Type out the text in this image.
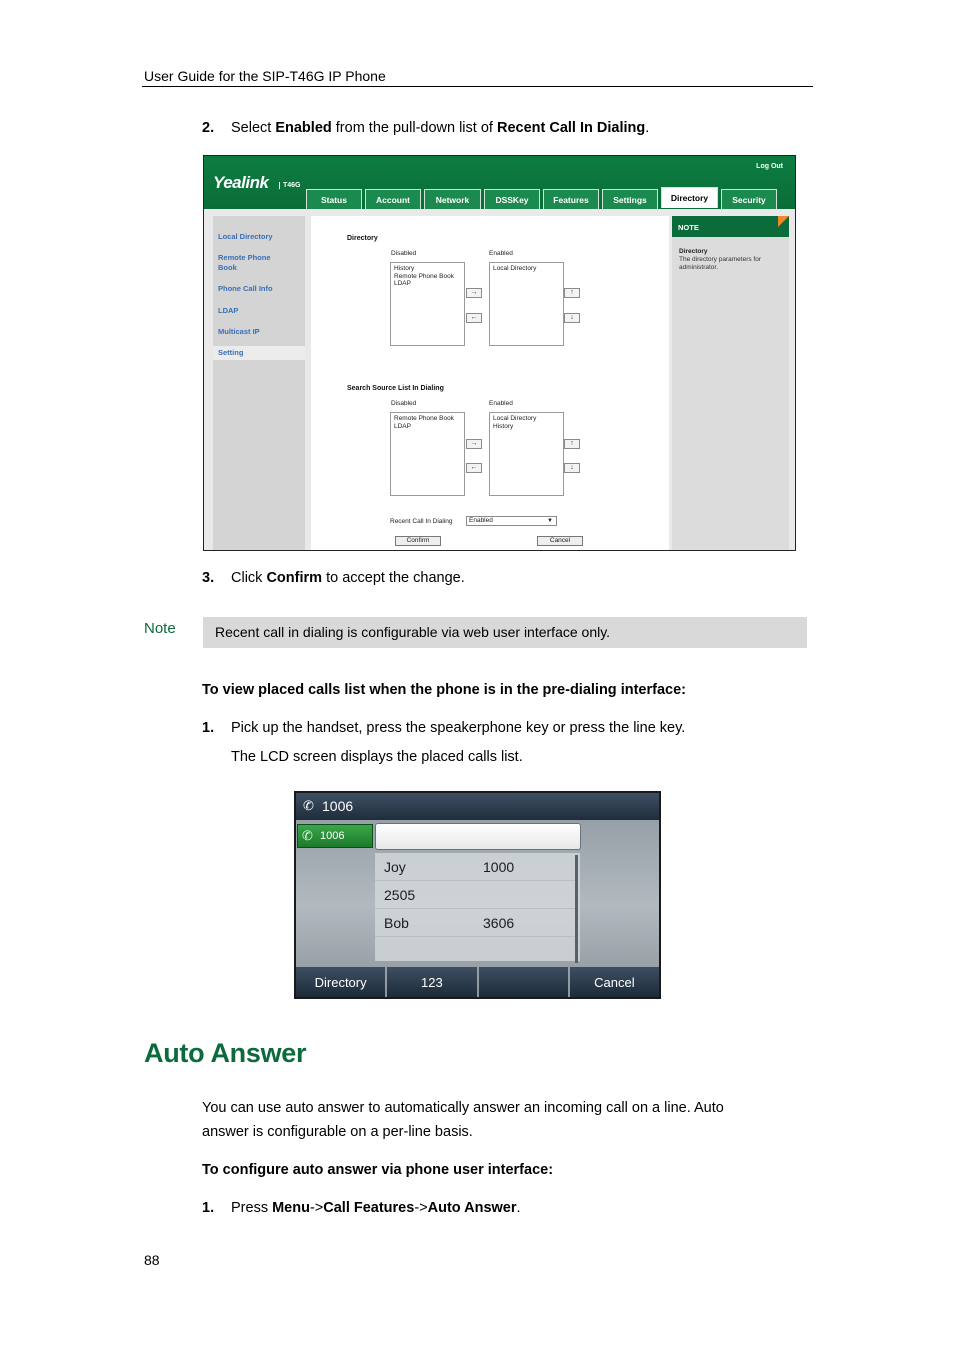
User Guide for the SIP-T46G IP Phone
2. Select Enabled from the pull-down list of Recent Call In Dialing.
Yealink	T46G
Log Out
Status	Account	Network	DSSKey	Features	Settings	Directory	Security
Local Directory
Remote Phone Book
Phone Call Info
LDAP
Multicast IP
Setting
Directory
Disabled	Enabled
History
Remote Phone Book
LDAP
Local Directory
→
←
↑
↓
Search Source List In Dialing
Disabled	Enabled
Remote Phone Book
LDAP
Local Directory
History
→
←
↑
↓
Recent Call In Dialing	Enabled	▼
Confirm	Cancel
NOTE
Directory
The directory parameters for administrator.
3. Click Confirm to accept the change.
Note	Recent call in dialing is configurable via web user interface only.
To view placed calls list when the phone is in the pre-dialing interface:
1. Pick up the handset, press the speakerphone key or press the line key.
The LCD screen displays the placed calls list.
✆ 1006
✆ 1006
Joy	1000
2505
Bob	3606
Directory	123	Cancel
Auto Answer
You can use auto answer to automatically answer an incoming call on a line. Auto
answer is configurable on a per-line basis.
To configure auto answer via phone user interface:
1. Press Menu->Call Features->Auto Answer.
88
